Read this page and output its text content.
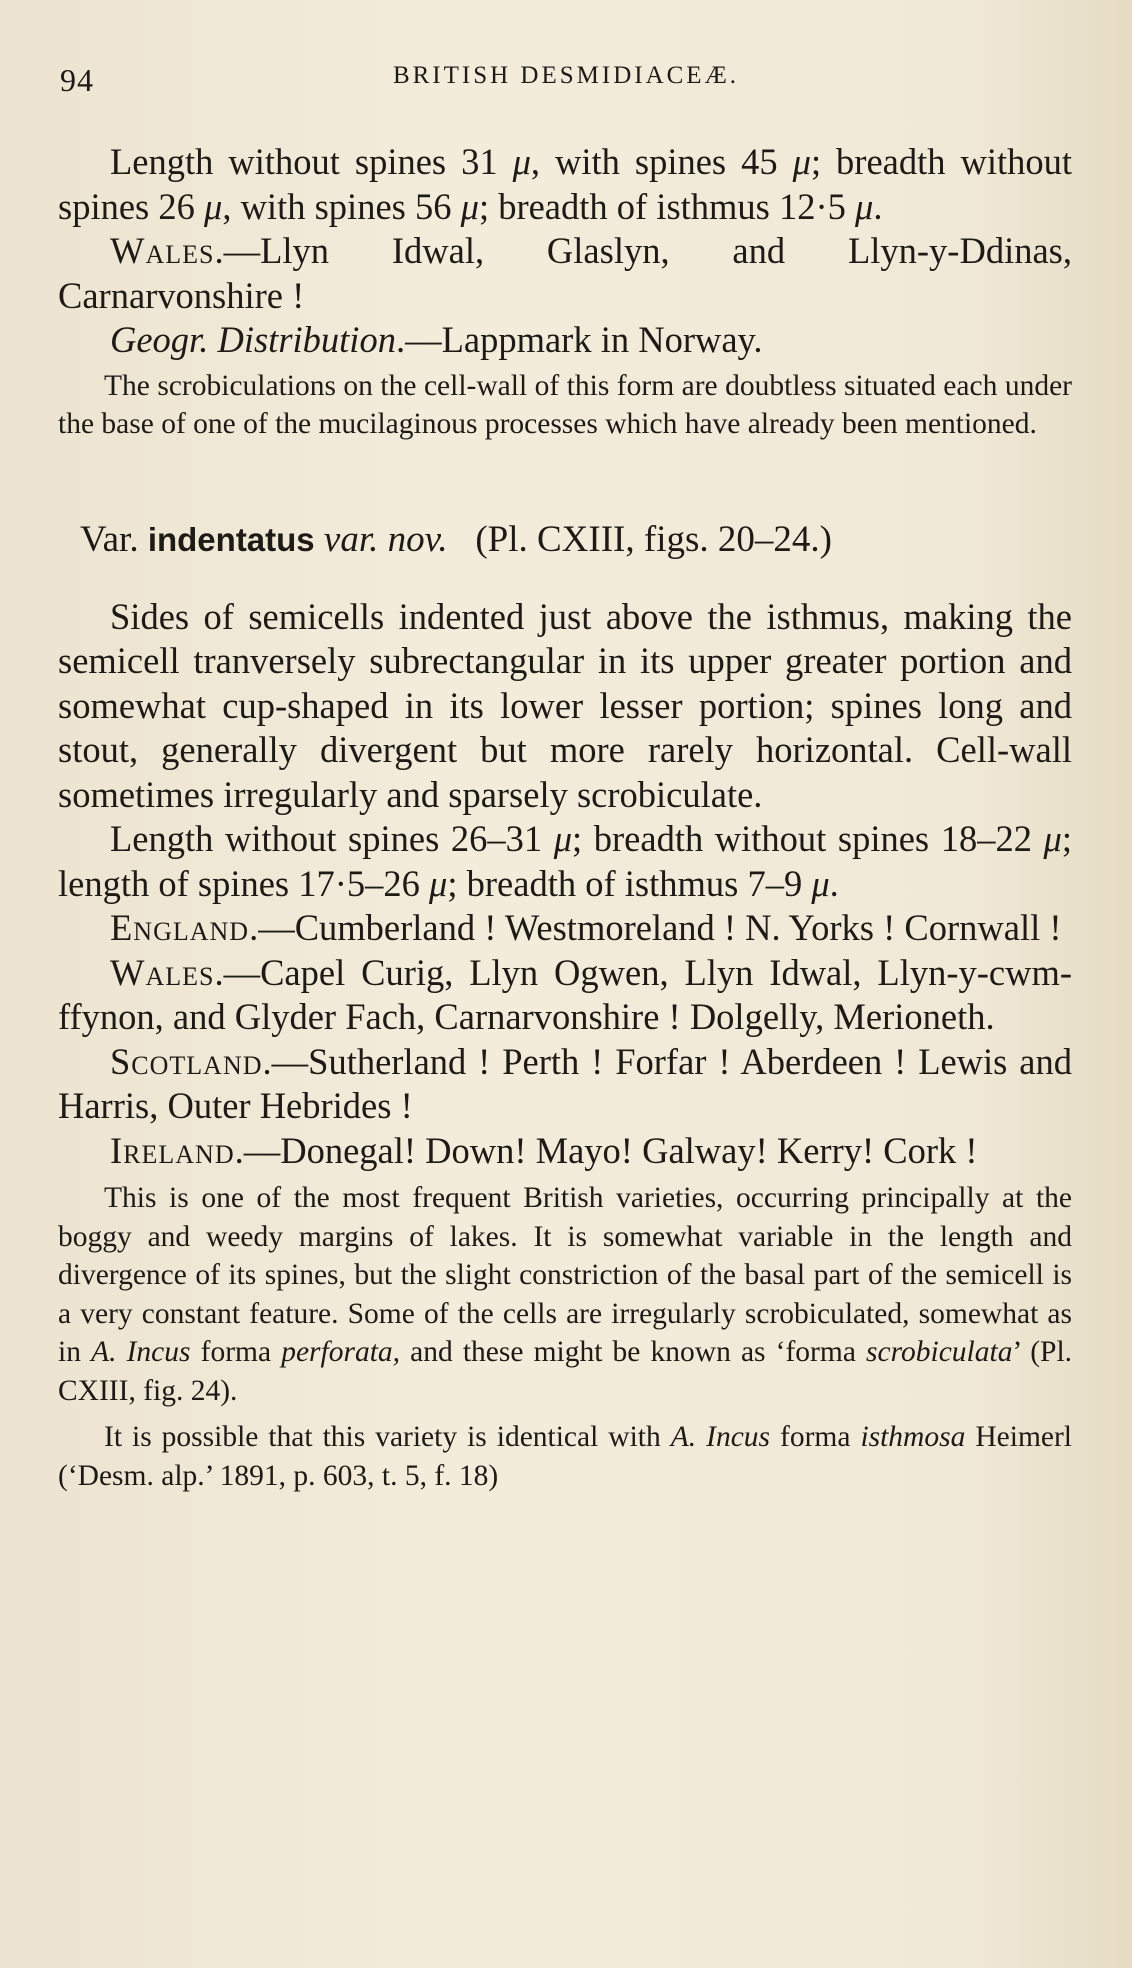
94	BRITISH DESMIDIACEÆ.

Length without spines 31 μ, with spines 45 μ; breadth without spines 26 μ, with spines 56 μ; breadth of isthmus 12·5 μ.

Wales.—Llyn Idwal, Glaslyn, and Llyn-y-Ddinas, Carnarvonshire !

Geogr. Distribution.—Lappmark in Norway.

The scrobiculations on the cell-wall of this form are doubtless situated each under the base of one of the mucilaginous processes which have already been mentioned.

Var. indentatus var. nov. (Pl. CXIII, figs. 20–24.)

Sides of semicells indented just above the isthmus, making the semicell tranversely subrectangular in its upper greater portion and somewhat cup-shaped in its lower lesser portion; spines long and stout, generally divergent but more rarely horizontal. Cell-wall sometimes irregularly and sparsely scrobiculate.

Length without spines 26–31 μ; breadth without spines 18–22 μ; length of spines 17·5–26 μ; breadth of isthmus 7–9 μ.

England.—Cumberland ! Westmoreland ! N. Yorks ! Cornwall !

Wales.—Capel Curig, Llyn Ogwen, Llyn Idwal, Llyn-y-cwm-ffynon, and Glyder Fach, Carnarvonshire ! Dolgelly, Merioneth.

Scotland.—Sutherland ! Perth ! Forfar ! Aberdeen ! Lewis and Harris, Outer Hebrides !

Ireland.—Donegal! Down! Mayo! Galway! Kerry! Cork !

This is one of the most frequent British varieties, occurring principally at the boggy and weedy margins of lakes. It is somewhat variable in the length and divergence of its spines, but the slight constriction of the basal part of the semicell is a very constant feature. Some of the cells are irregularly scrobiculated, somewhat as in A. Incus forma perforata, and these might be known as ‘forma scrobiculata’ (Pl. CXIII, fig. 24).

It is possible that this variety is identical with A. Incus forma isthmosa Heimerl (‘Desm. alp.’ 1891, p. 603, t. 5, f. 18)
